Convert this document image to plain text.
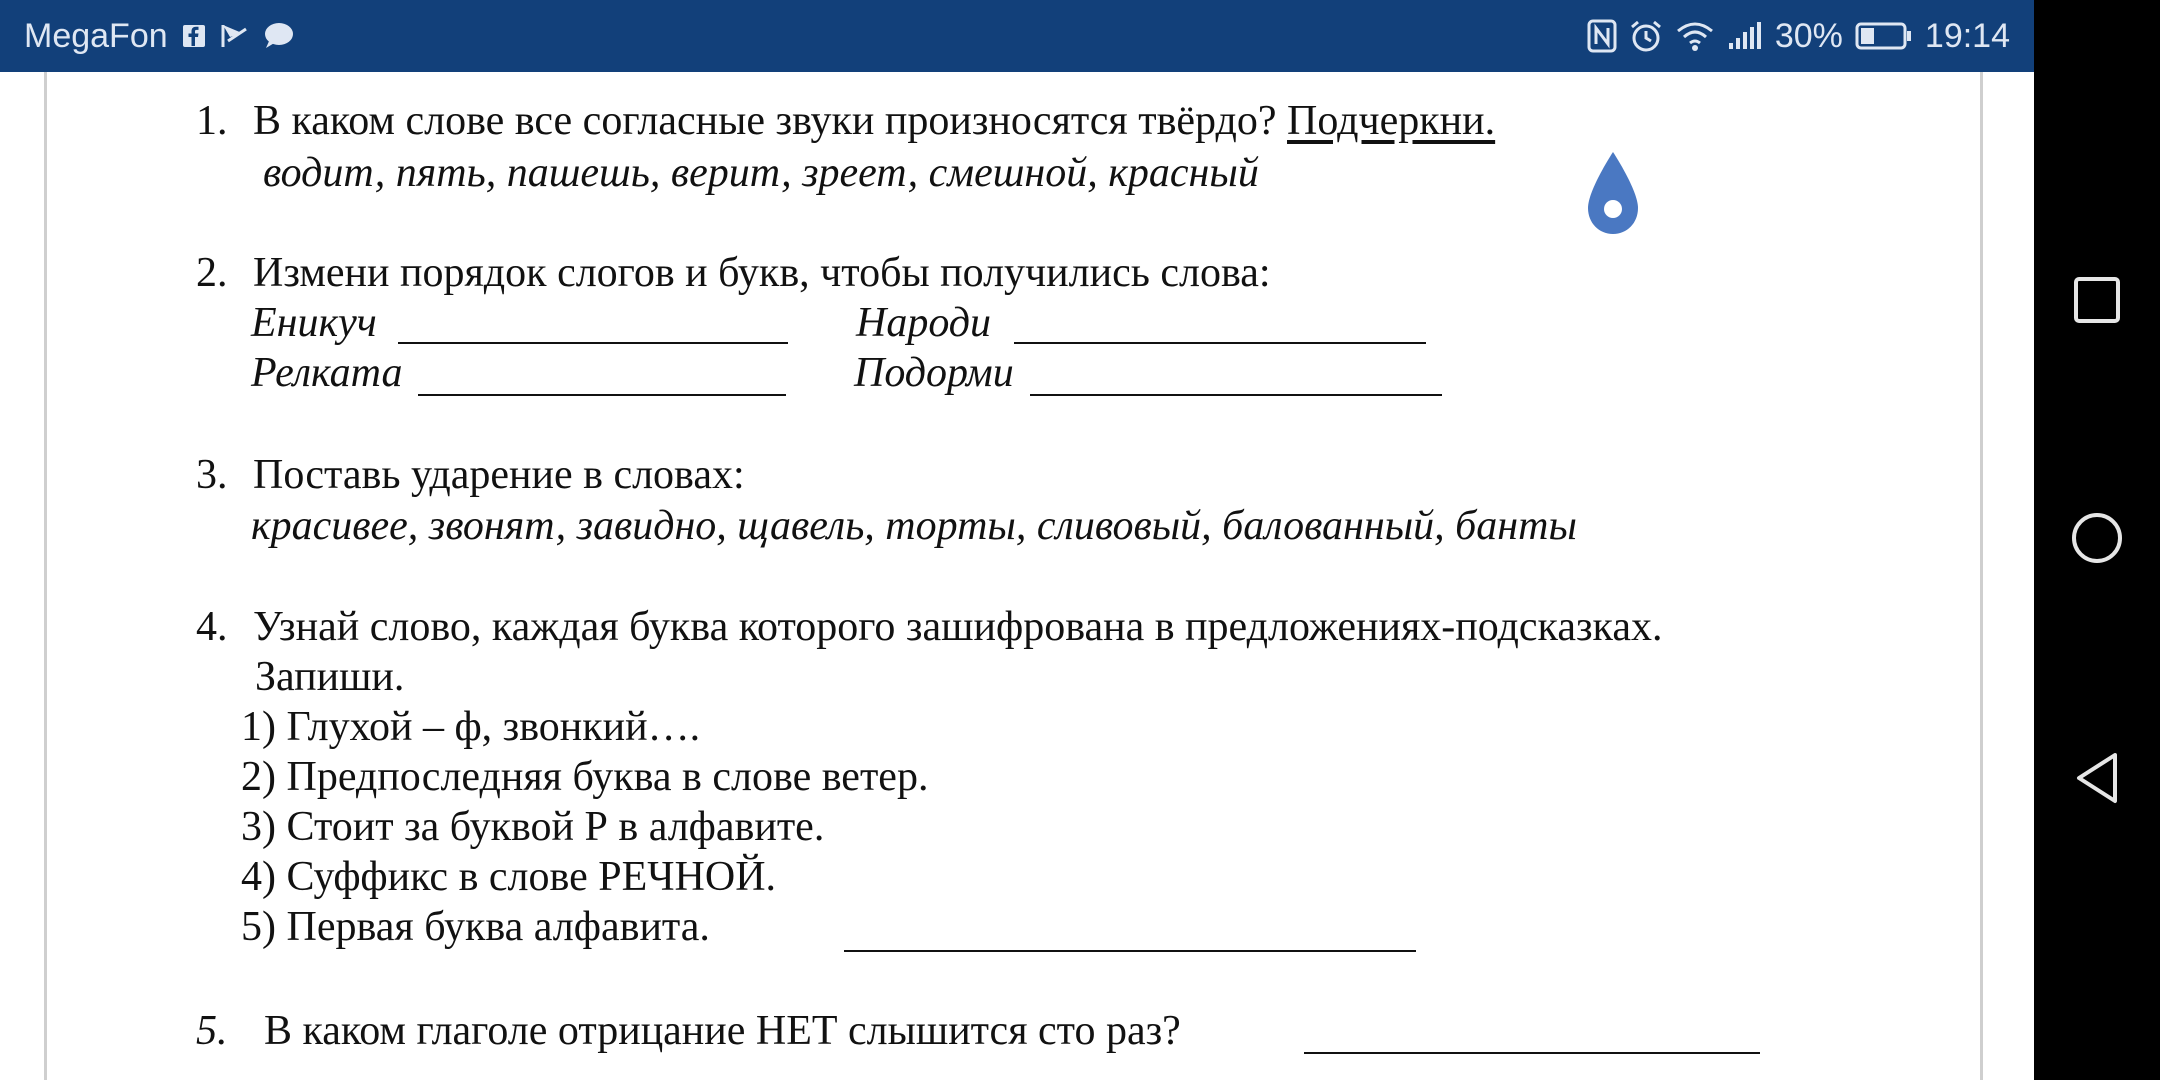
MegaFon	30% 19:14
1. В каком слове все согласные звуки произносятся твёрдо? Подчеркни.
водит, пять, пашешь, верит, зреет, смешной, красный
2. Измени порядок слогов и букв, чтобы получились слова:
Еникуч	Народи
Релката	Подорми
3. Поставь ударение в словах:
красивее, звонят, завидно, щавель, торты, сливовый, балованный, банты
4. Узнай слово, каждая буква которого зашифрована в предложениях-подсказках.
Запиши.
1) Глухой – ф, звонкий….
2) Предпоследняя буква в слове ветер.
3) Стоит за буквой Р в алфавите.
4) Суффикс в слове РЕЧНОЙ.
5) Первая буква алфавита.
5. В каком глаголе отрицание НЕТ слышится сто раз?
